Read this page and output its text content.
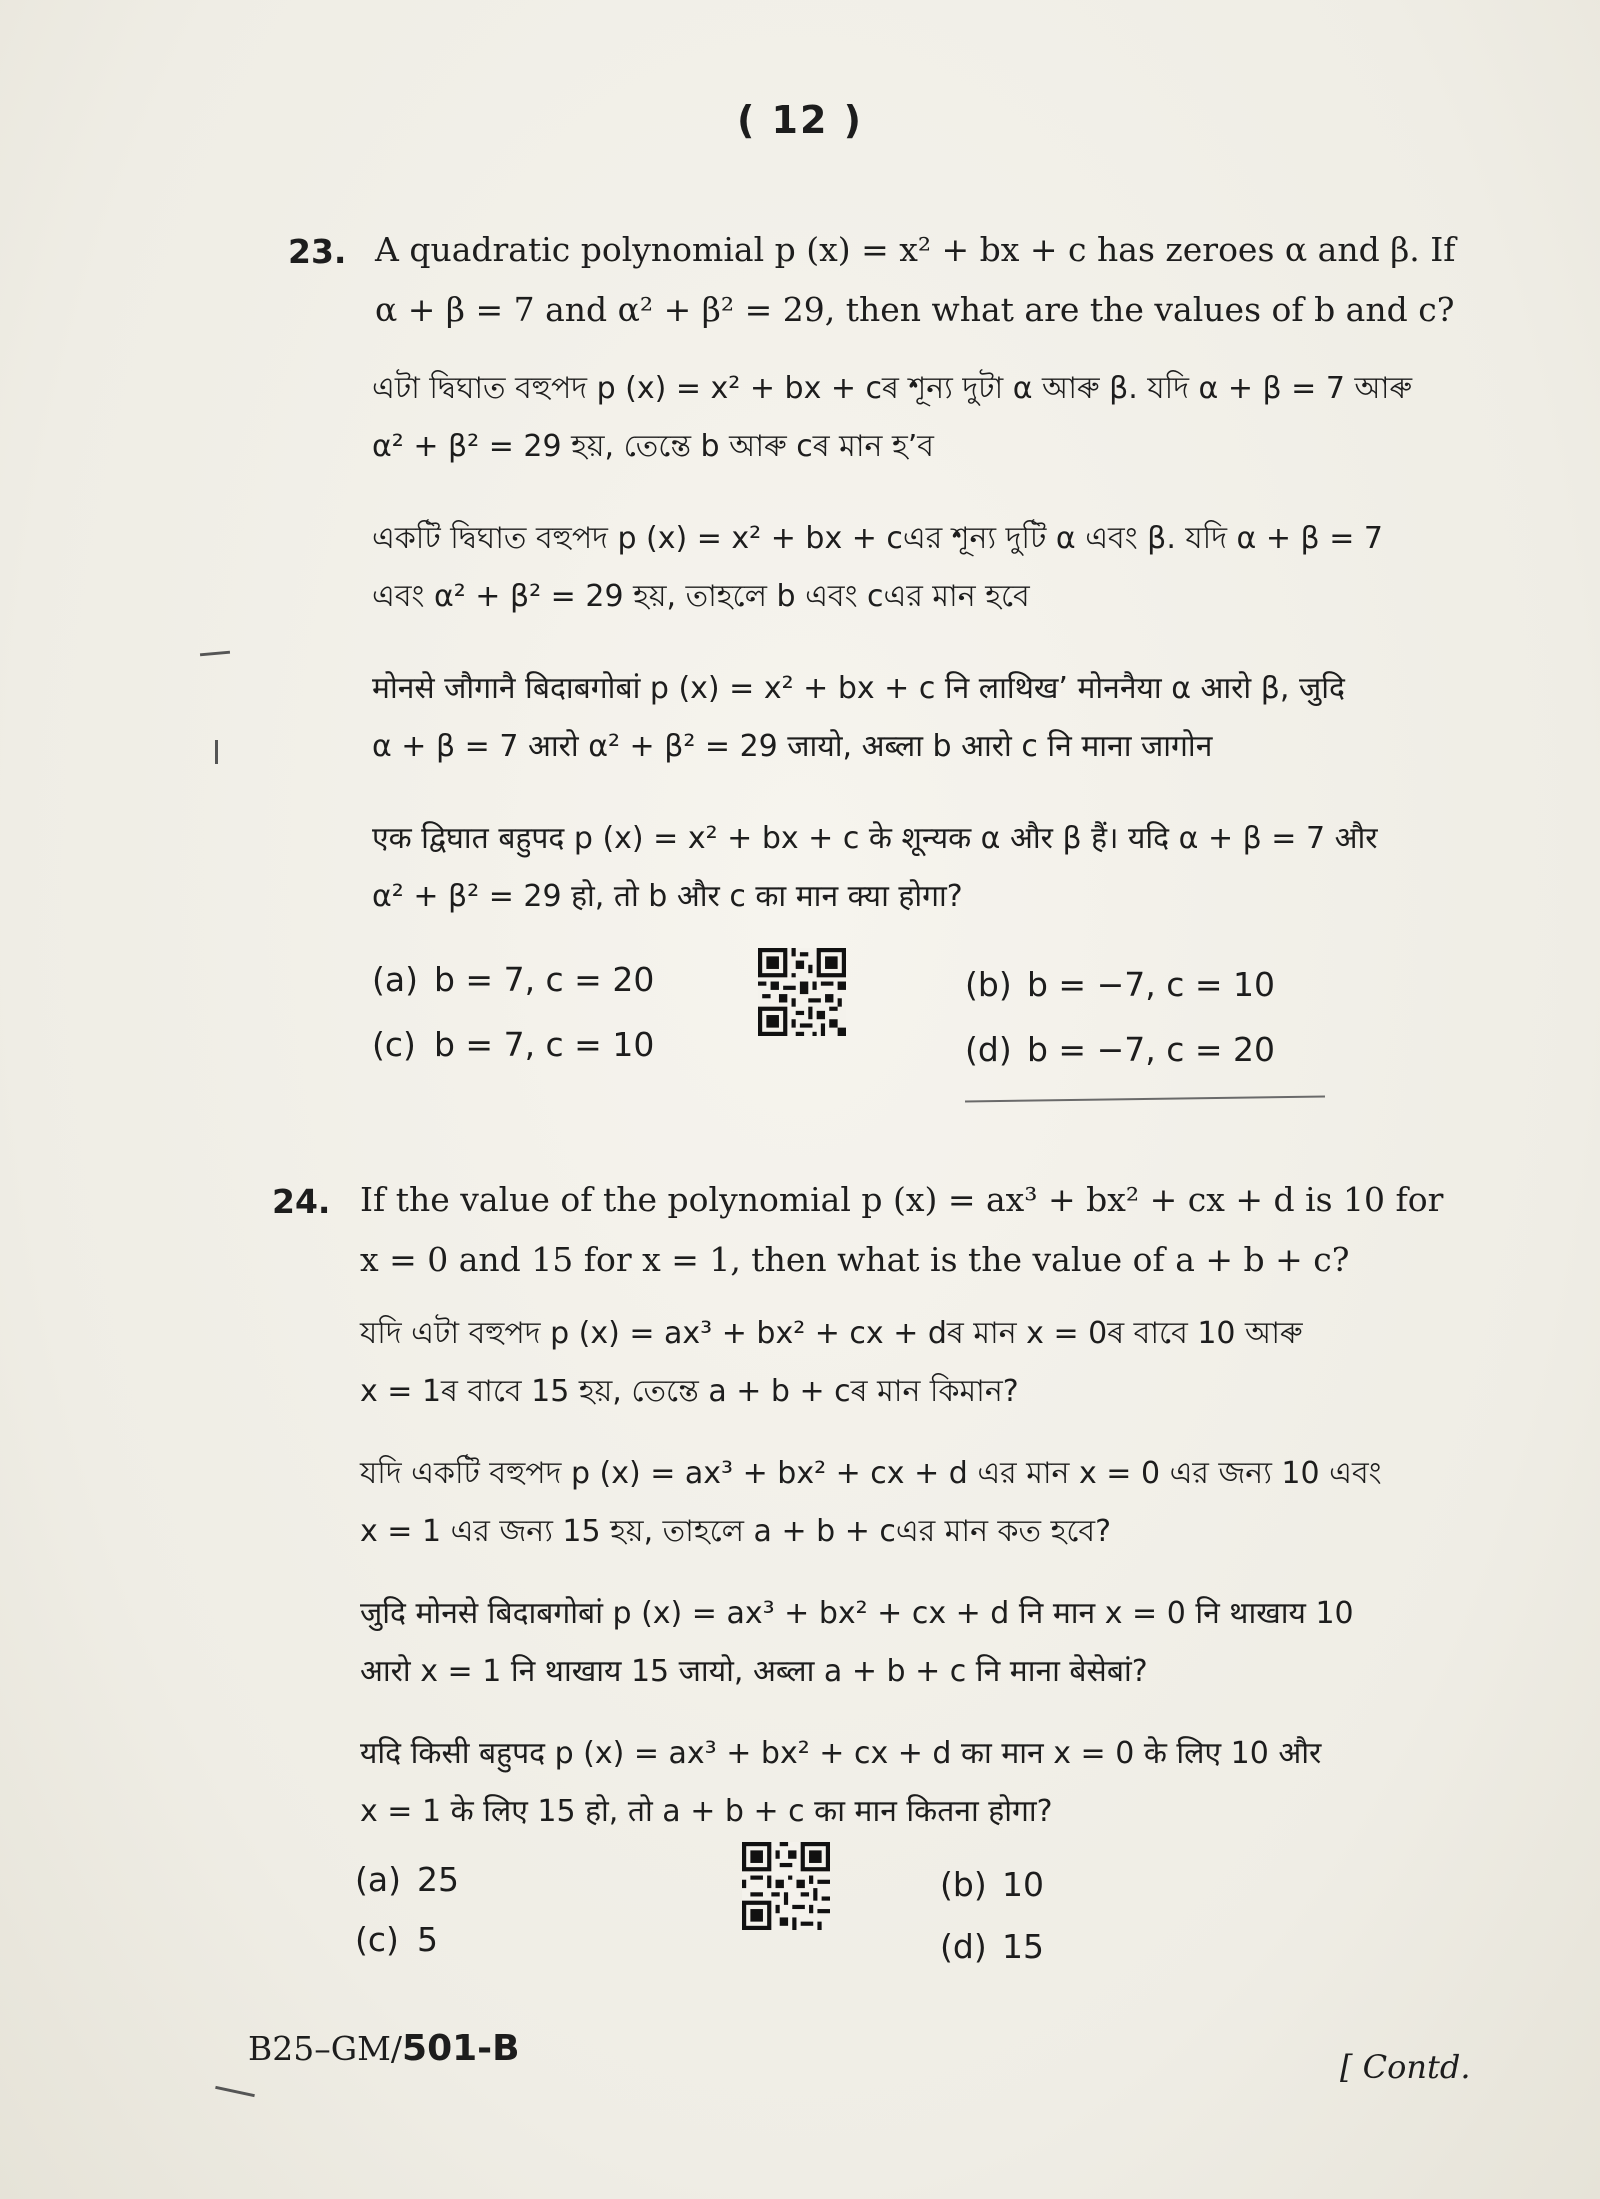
( 12 )
23. A quadratic polynomial p (x) = x² + bx + c has zeroes α and β. If
α + β = 7 and α² + β² = 29, then what are the values of b and c?
এটা দ্বিঘাত বহুপদ p (x) = x² + bx + cৰ শূন্য দুটা α আৰু β. যদি α + β = 7 আৰু
α² + β² = 29 হয়, তেন্তে b আৰু cৰ মান হ’ব
একটি দ্বিঘাত বহুপদ p (x) = x² + bx + cএর শূন্য দুটি α এবং β. যদি α + β = 7
এবং α² + β² = 29 হয়, তাহলে b এবং cএর মান হবে
मोनसे जौगानै बिदाबगोबां p (x) = x² + bx + c नि लाथिख’ मोननैया α आरो β, जुदि
α + β = 7 आरो α² + β² = 29 जायो, अब्ला b आरो c नि माना जागोन
एक द्विघात बहुपद p (x) = x² + bx + c के शून्यक α और β हैं। यदि α + β = 7 और
α² + β² = 29 हो, तो b और c का मान क्या होगा?
(a) b = 7, c = 20	(b) b = −7, c = 10
(c) b = 7, c = 10	(d) b = −7, c = 20
24. If the value of the polynomial p (x) = ax³ + bx² + cx + d is 10 for
x = 0 and 15 for x = 1, then what is the value of a + b + c?
যদি এটা বহুপদ p (x) = ax³ + bx² + cx + dৰ মান x = 0ৰ বাবে 10 আৰু
x = 1ৰ বাবে 15 হয়, তেন্তে a + b + cৰ মান কিমান?
যদি একটি বহুপদ p (x) = ax³ + bx² + cx + d এর মান x = 0 এর জন্য 10 এবং
x = 1 এর জন্য 15 হয়, তাহলে a + b + cএর মান কত হবে?
जुदि मोनसे बिदाबगोबां p (x) = ax³ + bx² + cx + d नि मान x = 0 नि थाखाय 10
आरो x = 1 नि थाखाय 15 जायो, अब्ला a + b + c नि माना बेसेबां?
यदि किसी बहुपद p (x) = ax³ + bx² + cx + d का मान x = 0 के लिए 10 और
x = 1 के लिए 15 हो, तो a + b + c का मान कितना होगा?
(a) 25	(b) 10
(c) 5	(d) 15
B25–GM/501-B	[ Contd.
